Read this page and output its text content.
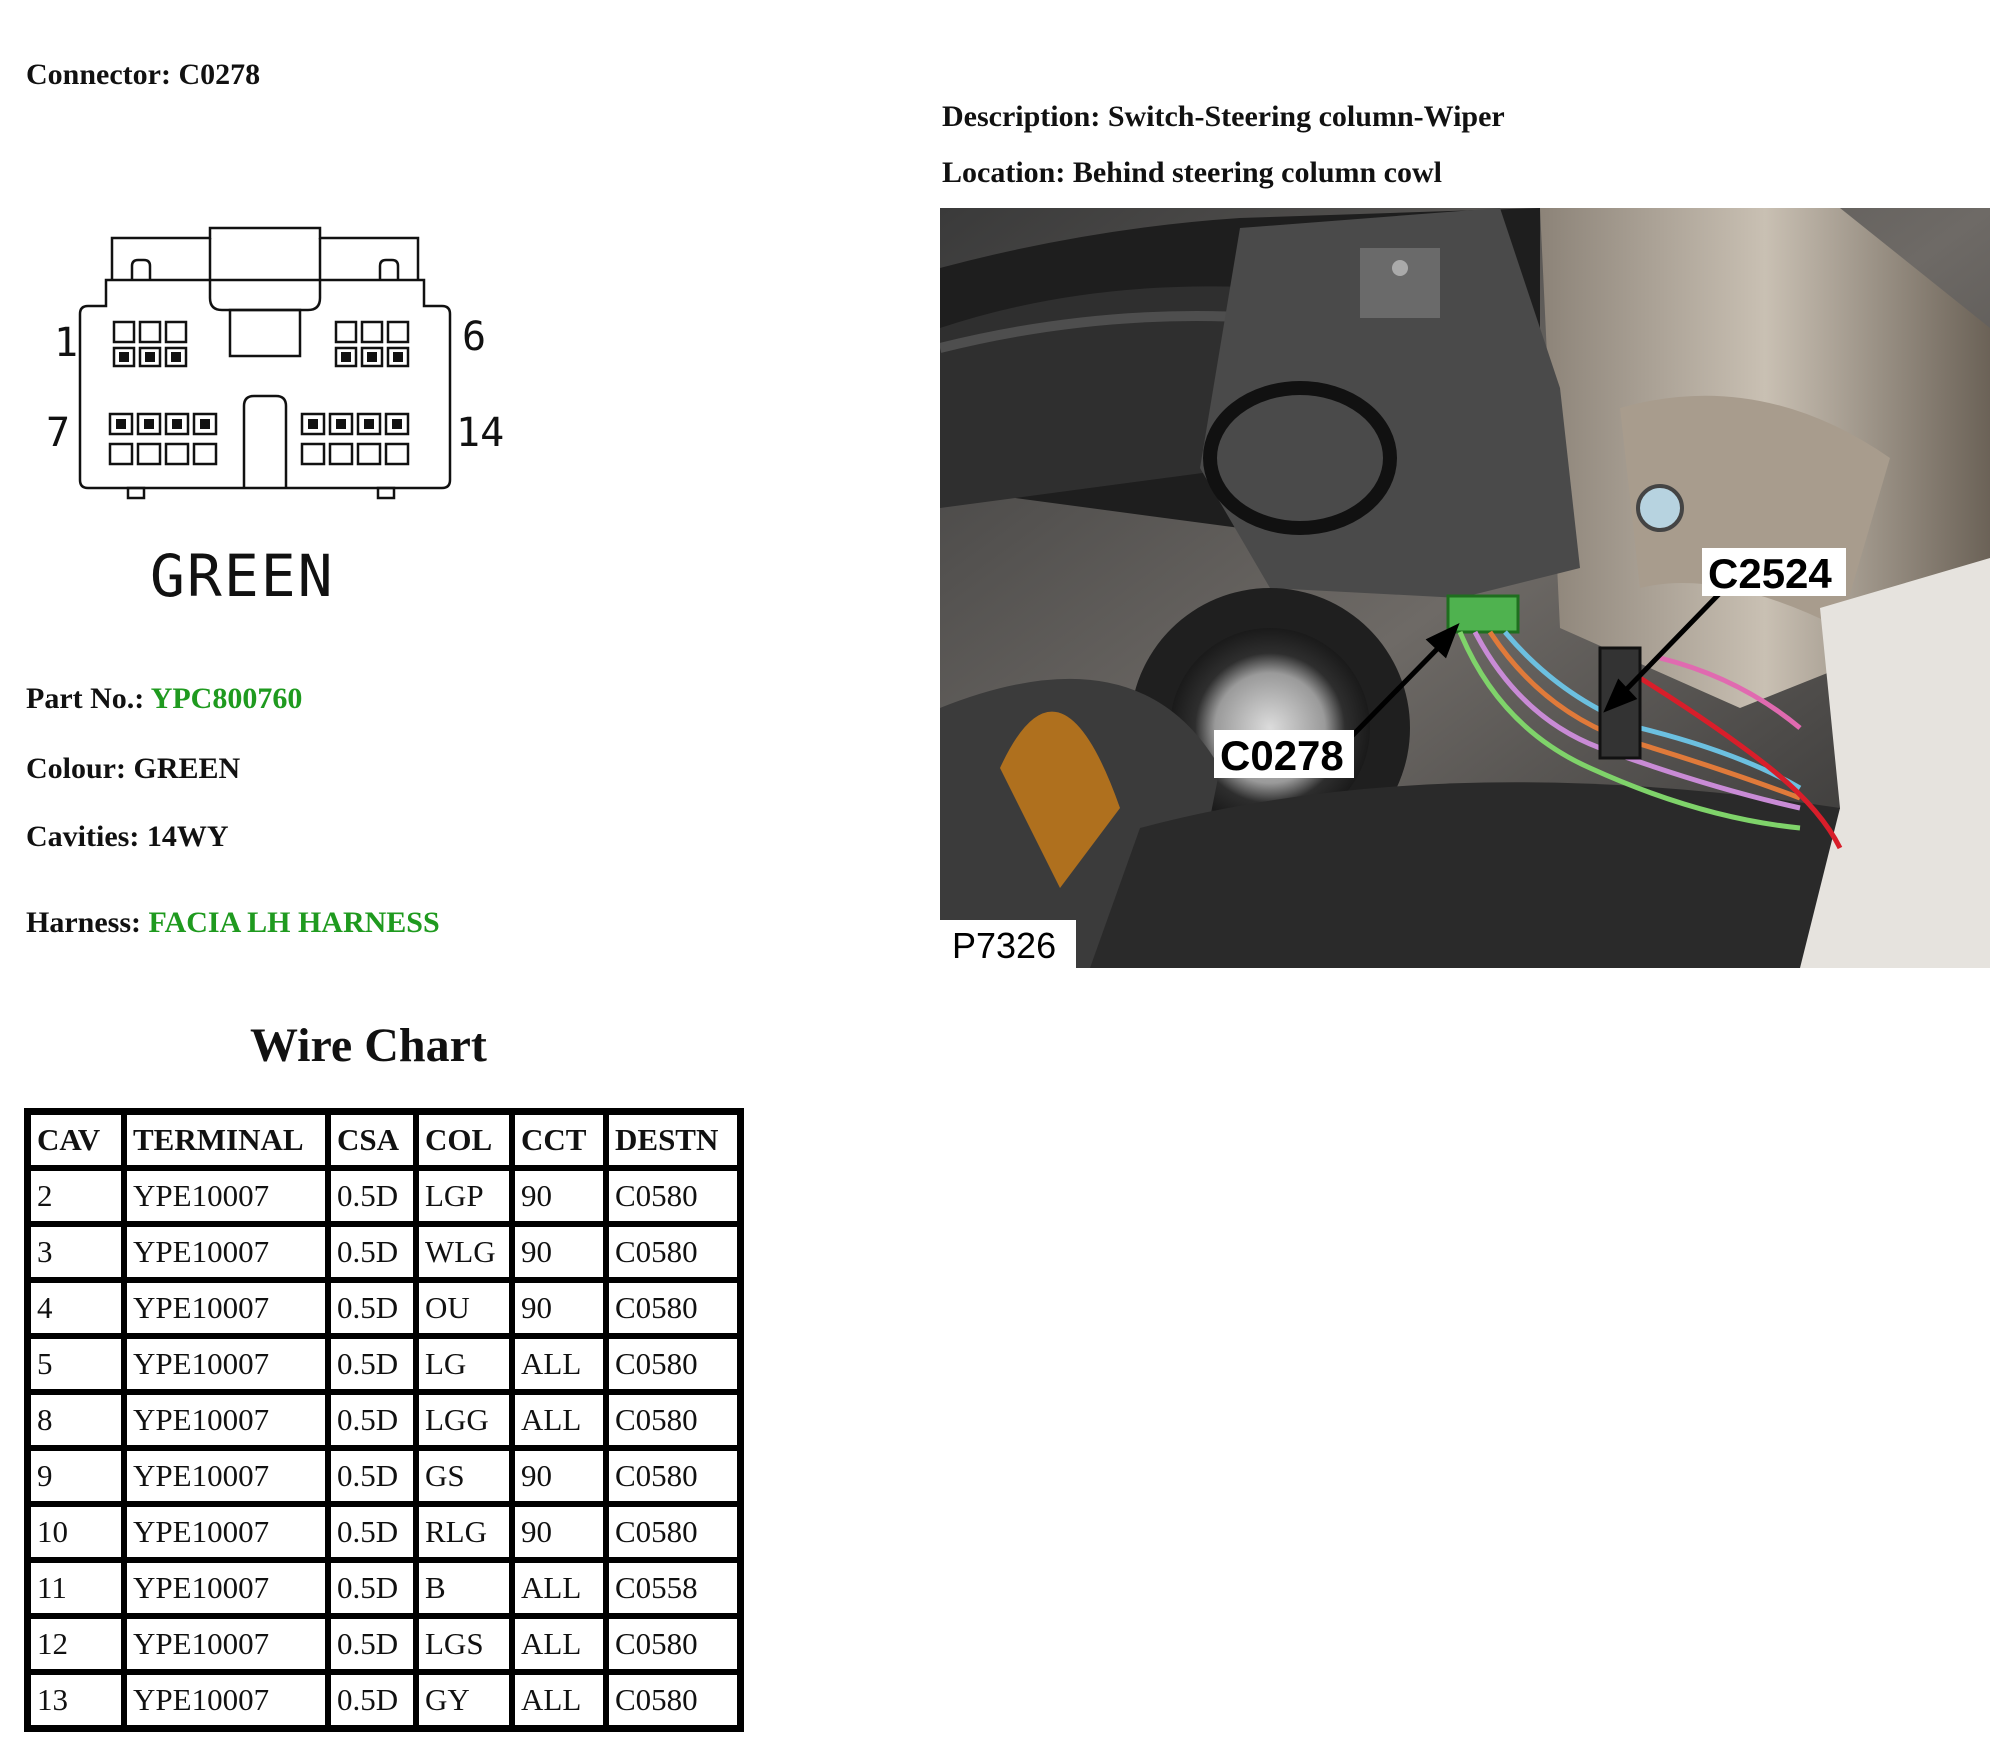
Connector: C0278
Description: Switch-Steering column-Wiper
Location: Behind steering column cowl
1	6
7	14
GREEN
C0278
C2524
P7326
Part No.: YPC800760
Colour: GREEN
Cavities: 14WY
Harness: FACIA LH HARNESS
Wire Chart
CAV	TERMINAL	CSA	COL	CCT	DESTN
2	YPE10007	0.5D	LGP	90	C0580
3	YPE10007	0.5D	WLG	90	C0580
4	YPE10007	0.5D	OU	90	C0580
5	YPE10007	0.5D	LG	ALL	C0580
8	YPE10007	0.5D	LGG	ALL	C0580
9	YPE10007	0.5D	GS	90	C0580
10	YPE10007	0.5D	RLG	90	C0580
11	YPE10007	0.5D	B	ALL	C0558
12	YPE10007	0.5D	LGS	ALL	C0580
13	YPE10007	0.5D	GY	ALL	C0580
